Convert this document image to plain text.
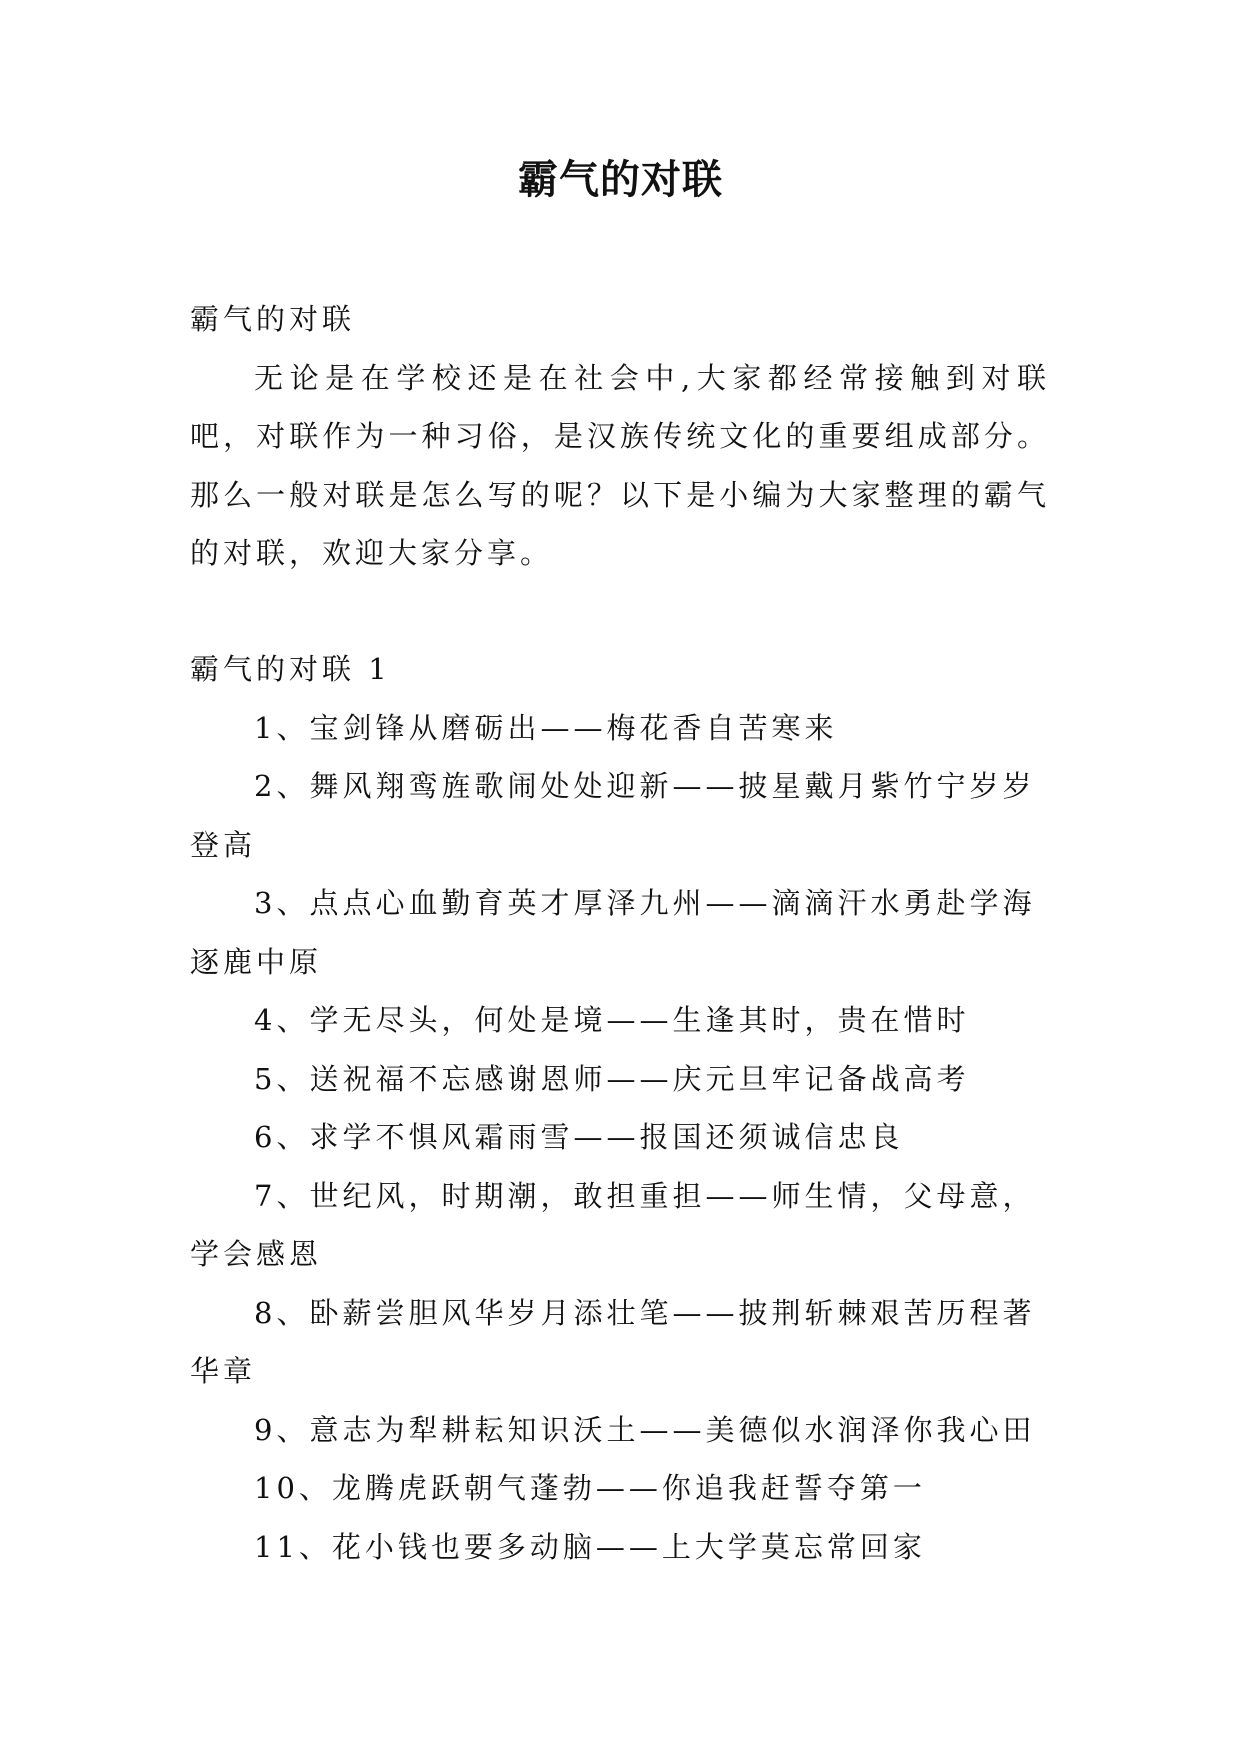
霸气的对联

霸气的对联

无论是在学校还是在社会中,大家都经常接触到对联吧，对联作为一种习俗，是汉族传统文化的重要组成部分。那么一般对联是怎么写的呢？以下是小编为大家整理的霸气的对联，欢迎大家分享。

霸气的对联 1

1、宝剑锋从磨砺出——梅花香自苦寒来

2、舞风翔鸾旌歌闹处处迎新——披星戴月紫竹宁岁岁登高

3、点点心血勤育英才厚泽九州——滴滴汗水勇赴学海逐鹿中原

4、学无尽头，何处是境——生逢其时，贵在惜时

5、送祝福不忘感谢恩师——庆元旦牢记备战高考

6、求学不惧风霜雨雪——报国还须诚信忠良

7、世纪风，时期潮，敢担重担——师生情，父母意，学会感恩

8、卧薪尝胆风华岁月添壮笔——披荆斩棘艰苦历程著华章

9、意志为犁耕耘知识沃土——美德似水润泽你我心田

10、龙腾虎跃朝气蓬勃——你追我赶誓夺第一

11、花小钱也要多动脑——上大学莫忘常回家
